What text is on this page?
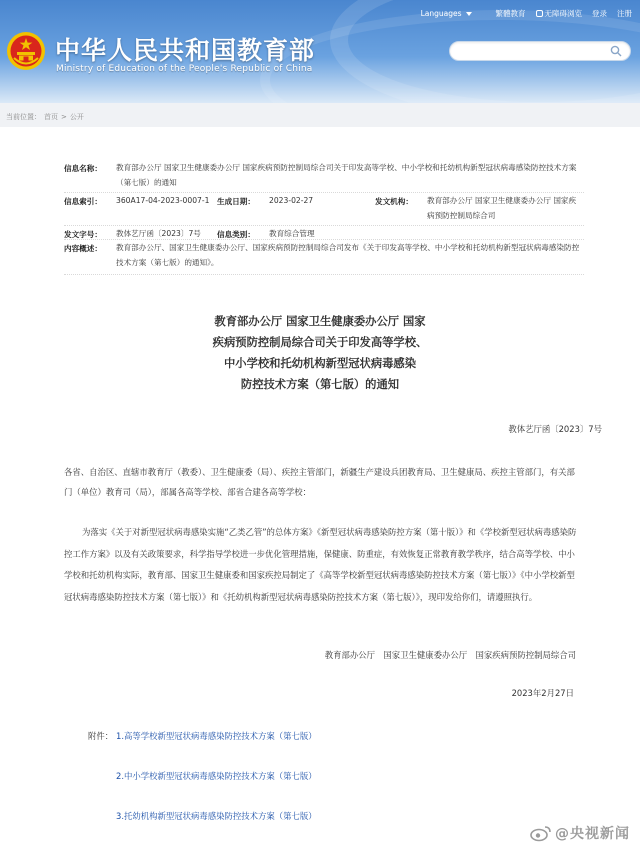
中华人民共和国教育部
Ministry of Education of the People's Republic of China
Languages	繁體教育	无障碍浏览 登录 注册
当前位置： 首页 > 公开
信息名称： 教育部办公厅 国家卫生健康委办公厅 国家疾病预防控制局综合司关于印发高等学校、中小学校和托幼机构新型冠状病毒感染防控技术方案（第七版）的通知
信息索引： 360A17-04-2023-0007-1 生成日期： 2023-02-27	发文机构： 教育部办公厅 国家卫生健康委办公厅 国家疾病预防控制局综合司
发文字号： 教体艺厅函〔2023〕7号	信息类别： 教育综合管理
内容概述： 教育部办公厅、国家卫生健康委办公厅、国家疾病预防控制局综合司发布《关于印发高等学校、中小学校和托幼机构新型冠状病毒感染防控技术方案（第七版）的通知》。
教育部办公厅 国家卫生健康委办公厅 国家
疾病预防控制局综合司关于印发高等学校、
中小学校和托幼机构新型冠状病毒感染
防控技术方案（第七版）的通知
教体艺厅函〔2023〕7号
各省、自治区、直辖市教育厅（教委）、卫生健康委（局）、疾控主管部门，新疆生产建设兵团教育局、卫生健康局、疾控主管部门，有关部门（单位）教育司（局），部属各高等学校、部省合建各高等学校：
为落实《关于对新型冠状病毒感染实施“乙类乙管”的总体方案》《新型冠状病毒感染防控方案（第十版）》和《学校新型冠状病毒感染防控工作方案》以及有关政策要求，科学指导学校进一步优化管理措施，保健康、防重症，有效恢复正常教育教学秩序，结合高等学校、中小学校和托幼机构实际，教育部、国家卫生健康委和国家疾控局制定了《高等学校新型冠状病毒感染防控技术方案（第七版）》《中小学校新型冠状病毒感染防控技术方案（第七版）》和《托幼机构新型冠状病毒感染防控技术方案（第七版）》，现印发给你们，请遵照执行。
教育部办公厅　国家卫生健康委办公厅　国家疾病预防控制局综合司
2023年2月27日
附件： 1.高等学校新型冠状病毒感染防控技术方案（第七版）
2.中小学校新型冠状病毒感染防控技术方案（第七版）
3.托幼机构新型冠状病毒感染防控技术方案（第七版）
@央视新闻
